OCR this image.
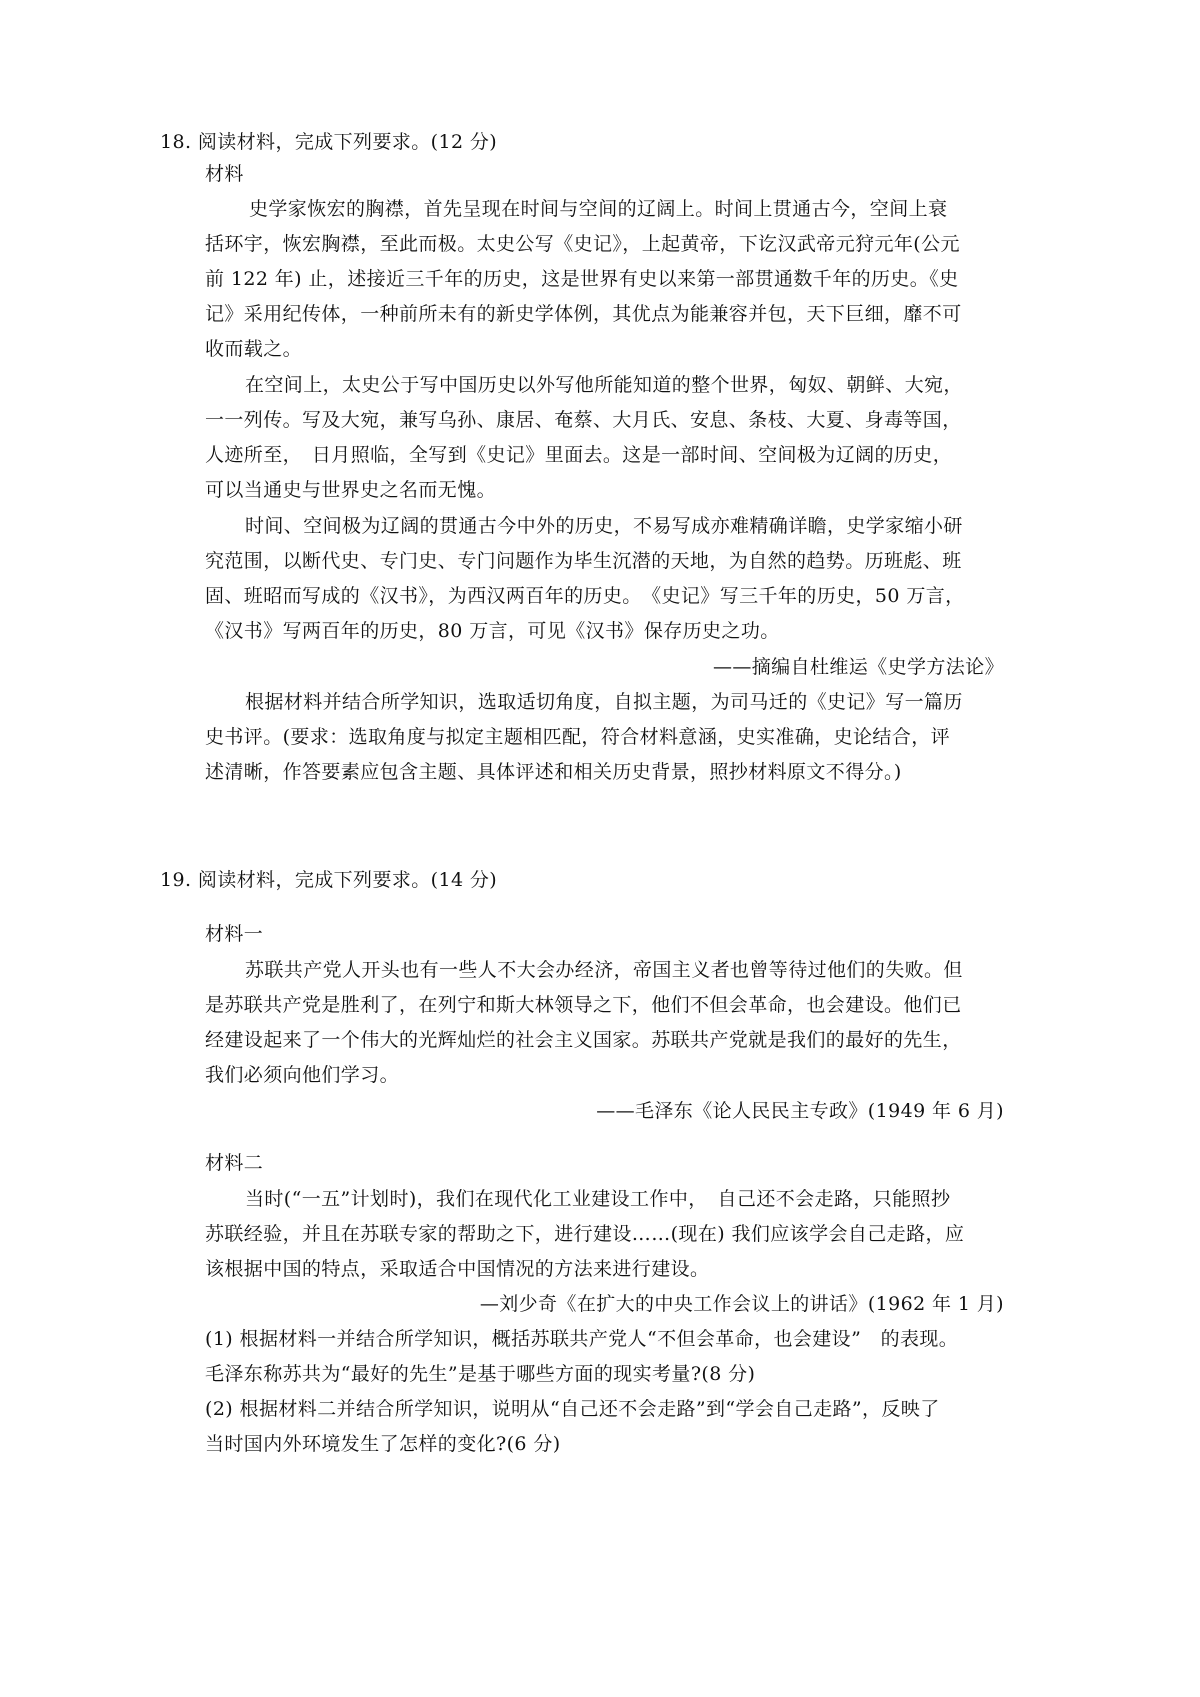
18. 阅读材料，完成下列要求。(12 分)
材料
史学家恢宏的胸襟，首先呈现在时间与空间的辽阔上。时间上贯通古今，空间上衰
括环宇，恢宏胸襟，至此而极。太史公写《史记》，上起黄帝，下讫汉武帝元狩元年(公元
前 122 年) 止，述接近三千年的历史，这是世界有史以来第一部贯通数千年的历史。《史
记》采用纪传体，一种前所未有的新史学体例，其优点为能兼容并包，天下巨细，靡不可
收而载之。
在空间上，太史公于写中国历史以外写他所能知道的整个世界，匈奴、朝鲜、大宛，
一一列传。写及大宛，兼写乌孙、康居、奄蔡、大月氏、安息、条枝、大夏、身毒等国，
人迹所至，　日月照临，全写到《史记》里面去。这是一部时间、空间极为辽阔的历史，
可以当通史与世界史之名而无愧。
时间、空间极为辽阔的贯通古今中外的历史，不易写成亦难精确详瞻，史学家缩小研
究范围，以断代史、专门史、专门问题作为毕生沉潜的天地，为自然的趋势。历班彪、班
固、班昭而写成的《汉书》，为西汉两百年的历史。　《史记》写三千年的历史，50 万言，
《汉书》写两百年的历史，80 万言，可见《汉书》保存历史之功。
——摘编自杜维运《史学方法论》
根据材料并结合所学知识，选取适切角度，自拟主题，为司马迁的《史记》写一篇历
史书评。(要求：选取角度与拟定主题相匹配，符合材料意涵，史实准确，史论结合，评
述清晰，作答要素应包含主题、具体评述和相关历史背景，照抄材料原文不得分。)
19. 阅读材料，完成下列要求。(14 分)
材料一
苏联共产党人开头也有一些人不大会办经济，帝国主义者也曾等待过他们的失败。但
是苏联共产党是胜利了，在列宁和斯大林领导之下，他们不但会革命，也会建设。他们已
经建设起来了一个伟大的光辉灿烂的社会主义国家。苏联共产党就是我们的最好的先生，
我们必须向他们学习。
——毛泽东《论人民民主专政》(1949 年 6 月)
材料二
当时(“一五”计划时)，我们在现代化工业建设工作中，　自己还不会走路，只能照抄
苏联经验，并且在苏联专家的帮助之下，进行建设……(现在) 我们应该学会自己走路，应
该根据中国的特点，采取适合中国情况的方法来进行建设。
—刘少奇《在扩大的中央工作会议上的讲话》(1962 年 1 月)
(1) 根据材料一并结合所学知识，概括苏联共产党人“不但会革命，也会建设”　的表现。
毛泽东称苏共为“最好的先生”是基于哪些方面的现实考量?(8 分)
(2) 根据材料二并结合所学知识，说明从“自己还不会走路”到“学会自己走路”，反映了
当时国内外环境发生了怎样的变化?(6 分)
